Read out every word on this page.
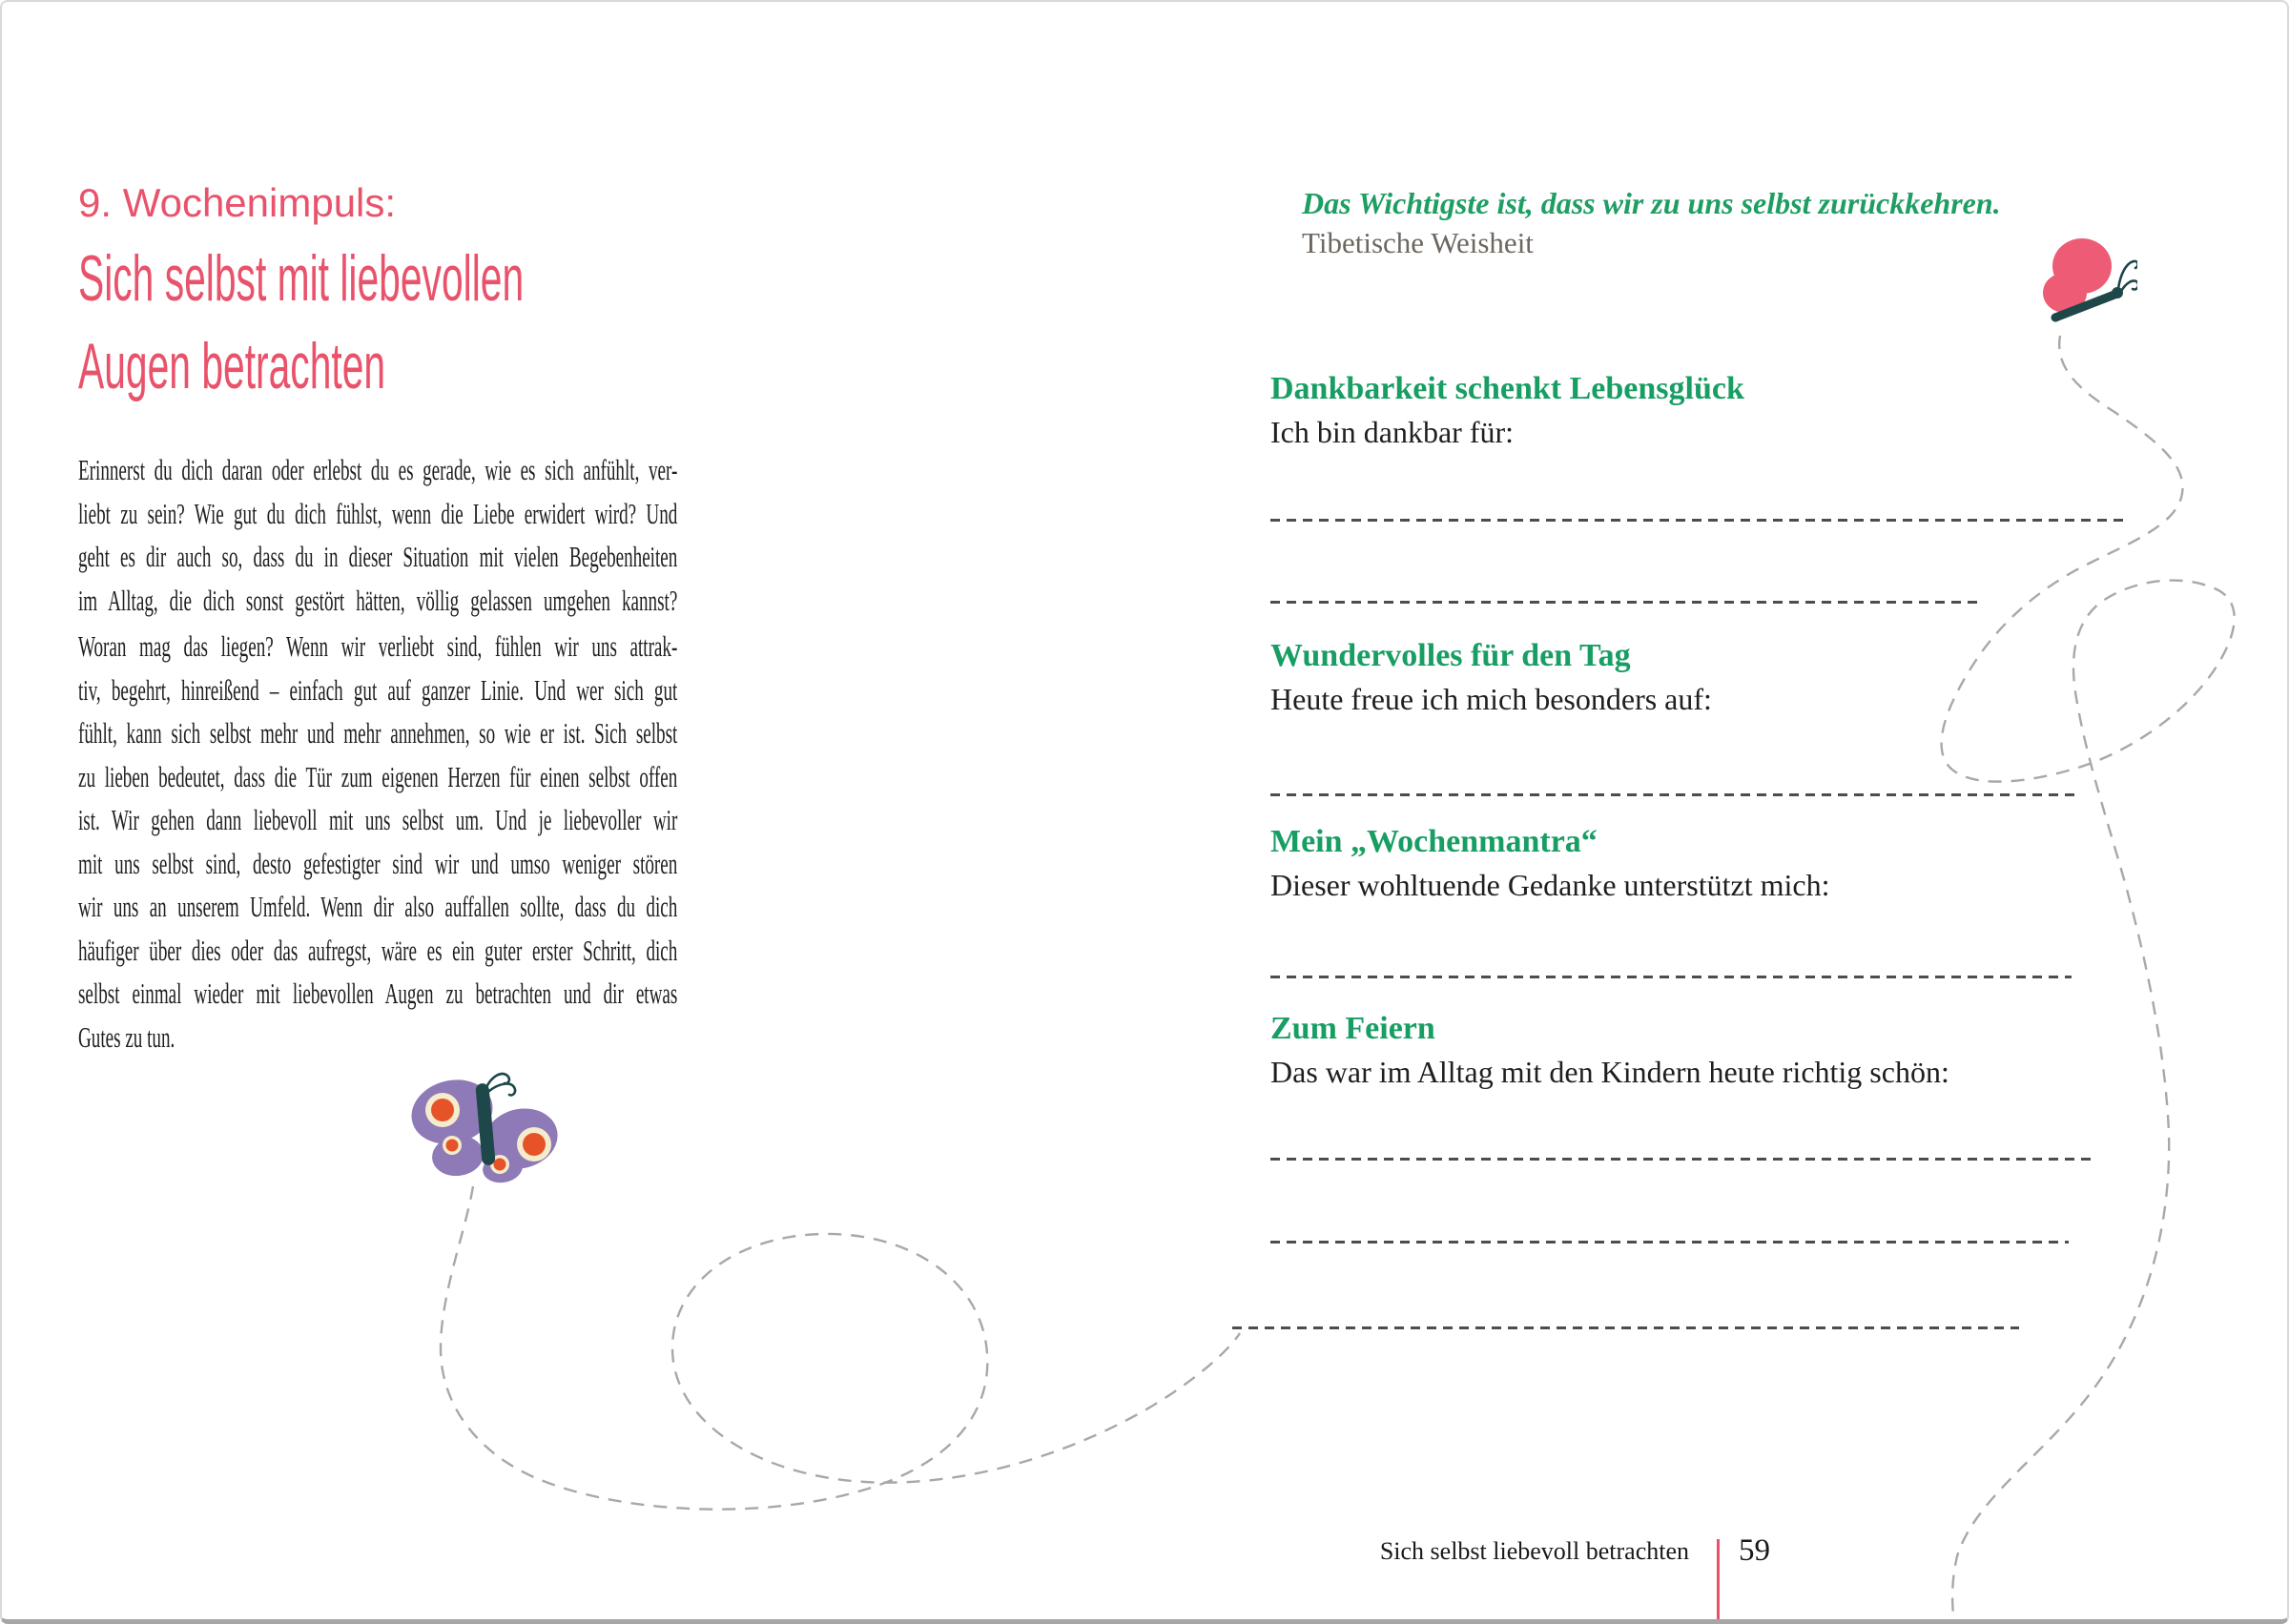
9. Wochenimpuls:
Sich selbst mit liebevollen
Augen betrachten
Erinnerst du dich daran oder erlebst du es gerade, wie es sich anfühlt, ver-
liebt zu sein? Wie gut du dich fühlst, wenn die Liebe erwidert wird? Und
geht es dir auch so, dass du in dieser Situation mit vielen Begebenheiten
im Alltag, die dich sonst gestört hätten, völlig gelassen umgehen kannst?
Woran mag das liegen? Wenn wir verliebt sind, fühlen wir uns attrak-
tiv, begehrt, hinreißend – einfach gut auf ganzer Linie. Und wer sich gut
fühlt, kann sich selbst mehr und mehr annehmen, so wie er ist. Sich selbst
zu lieben bedeutet, dass die Tür zum eigenen Herzen für einen selbst offen
ist. Wir gehen dann liebevoll mit uns selbst um. Und je liebevoller wir
mit uns selbst sind, desto gefestigter sind wir und umso weniger stören
wir uns an unserem Umfeld. Wenn dir also auffallen sollte, dass du dich
häufiger über dies oder das aufregst, wäre es ein guter erster Schritt, dich
selbst einmal wieder mit liebevollen Augen zu betrachten und dir etwas
Gutes zu tun.
Das Wichtigste ist, dass wir zu uns selbst zurückkehren.
Tibetische Weisheit
Dankbarkeit schenkt Lebensglück
Ich bin dankbar für:
Wundervolles für den Tag
Heute freue ich mich besonders auf:
Mein „Wochenmantra“
Dieser wohltuende Gedanke unterstützt mich:
Zum Feiern
Das war im Alltag mit den Kindern heute richtig schön:
Sich selbst liebevoll betrachten 59
